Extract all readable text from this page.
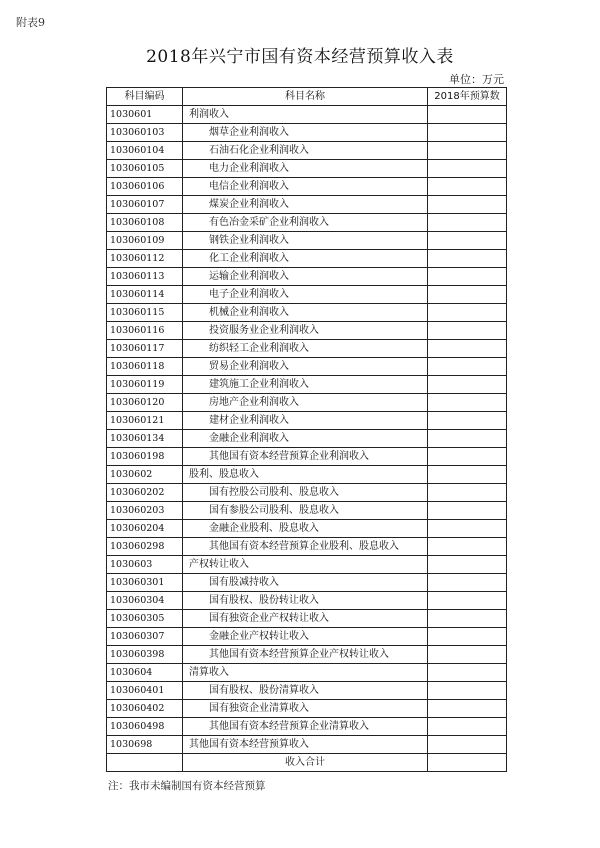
附表9
2018年兴宁市国有资本经营预算收入表
单位：万元
科目编码	科目名称	2018年预算数
1030601	利润收入	
103060103	烟草企业利润收入	
103060104	石油石化企业利润收入	
103060105	电力企业利润收入	
103060106	电信企业利润收入	
103060107	煤炭企业利润收入	
103060108	有色冶金采矿企业利润收入	
103060109	钢铁企业利润收入	
103060112	化工企业利润收入	
103060113	运输企业利润收入	
103060114	电子企业利润收入	
103060115	机械企业利润收入	
103060116	投资服务业企业利润收入	
103060117	纺织轻工企业利润收入	
103060118	贸易企业利润收入	
103060119	建筑施工企业利润收入	
103060120	房地产企业利润收入	
103060121	建材企业利润收入	
103060134	金融企业利润收入	
103060198	其他国有资本经营预算企业利润收入	
1030602	股利、股息收入	
103060202	国有控股公司股利、股息收入	
103060203	国有参股公司股利、股息收入	
103060204	金融企业股利、股息收入	
103060298	其他国有资本经营预算企业股利、股息收入	
1030603	产权转让收入	
103060301	国有股减持收入	
103060304	国有股权、股份转让收入	
103060305	国有独资企业产权转让收入	
103060307	金融企业产权转让收入	
103060398	其他国有资本经营预算企业产权转让收入	
1030604	清算收入	
103060401	国有股权、股份清算收入	
103060402	国有独资企业清算收入	
103060498	其他国有资本经营预算企业清算收入	
1030698	其他国有资本经营预算收入	
	收入合计	
注：我市未编制国有资本经营预算
